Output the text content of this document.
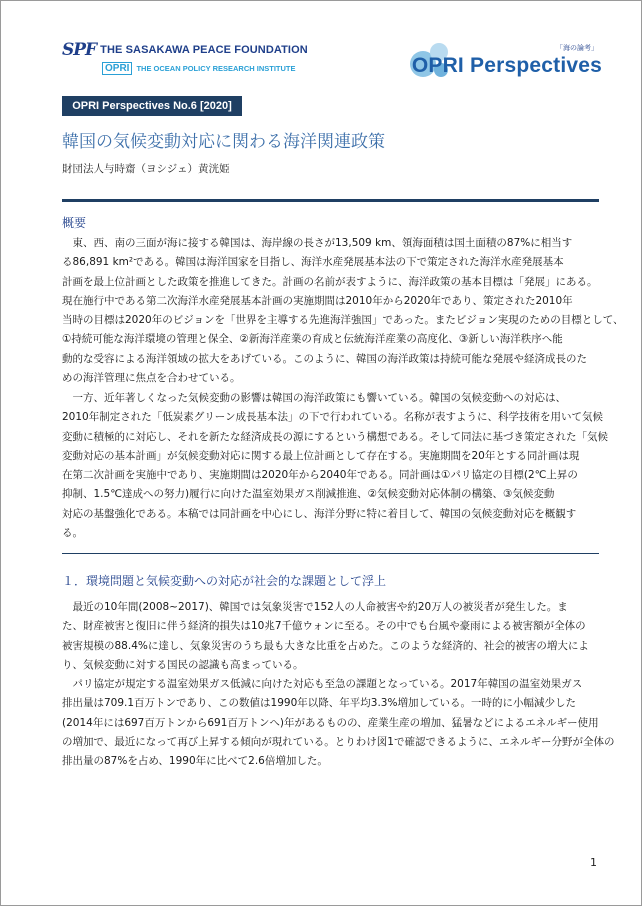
SPF THE SASAKAWA PEACE FOUNDATION
OPRI THE OCEAN POLICY RESEARCH INSTITUTE
「海の論考」
OPRI Perspectives
OPRI Perspectives No.6 [2020]
韓国の気候変動対応に関わる海洋関連政策
財団法人与時齋（ヨシジェ）黄洸姫
概要
　東、西、南の三面が海に接する韓国は、海岸線の長さが13,509 km、領海面積は国土面積の87%に相当す
る86,891 km²である。韓国は海洋国家を目指し、海洋水産発展基本法の下で策定された海洋水産発展基本
計画を最上位計画とした政策を推進してきた。計画の名前が表すように、海洋政策の基本目標は「発展」にある。
現在施行中である第二次海洋水産発展基本計画の実施期間は2010年から2020年であり、策定された2010年
当時の目標は2020年のビジョンを「世界を主導する先進海洋強国」であった。またビジョン実現のための目標として、
①持続可能な海洋環境の管理と保全、②新海洋産業の育成と伝統海洋産業の高度化、③新しい海洋秩序へ能
動的な受容による海洋領域の拡大をあげている。このように、韓国の海洋政策は持続可能な発展や経済成長のた
めの海洋管理に焦点を合わせている。
　一方、近年著しくなった気候変動の影響は韓国の海洋政策にも響いている。韓国の気候変動への対応は、
2010年制定された「低炭素グリーン成長基本法」の下で行われている。名称が表すように、科学技術を用いて気候
変動に積極的に対応し、それを新たな経済成長の源にするという構想である。そして同法に基づき策定された「気候
変動対応の基本計画」が気候変動対応に関する最上位計画として存在する。実施期間を20年とする同計画は現
在第二次計画を実施中であり、実施期間は2020年から2040年である。同計画は①パリ協定の目標(2℃上昇の
抑制、1.5℃達成への努力)履行に向けた温室効果ガス削減推進、②気候変動対応体制の構築、③気候変動
対応の基盤強化である。本稿では同計画を中心にし、海洋分野に特に着目して、韓国の気候変動対応を概観す
る。
１．環境問題と気候変動への対応が社会的な課題として浮上
　最近の10年間(2008~2017)、韓国では気象災害で152人の人命被害や約20万人の被災者が発生した。ま
た、財産被害と復旧に伴う経済的損失は10兆7千億ウォンに至る。その中でも台風や豪雨による被害額が全体の
被害規模の88.4%に達し、気象災害のうち最も大きな比重を占めた。このような経済的、社会的被害の増大によ
り、気候変動に対する国民の認識も高まっている。
　パリ協定が規定する温室効果ガス低減に向けた対応も至急の課題となっている。2017年韓国の温室効果ガス
排出量は709.1百万トンであり、この数値は1990年以降、年平均3.3%増加している。一時的に小幅減少した
(2014年には697百万トンから691百万トンへ)年があるものの、産業生産の増加、猛暑などによるエネルギー使用
の増加で、最近になって再び上昇する傾向が現れている。とりわけ図1で確認できるように、エネルギー分野が全体の
排出量の87%を占め、1990年に比べて2.6倍増加した。
1
